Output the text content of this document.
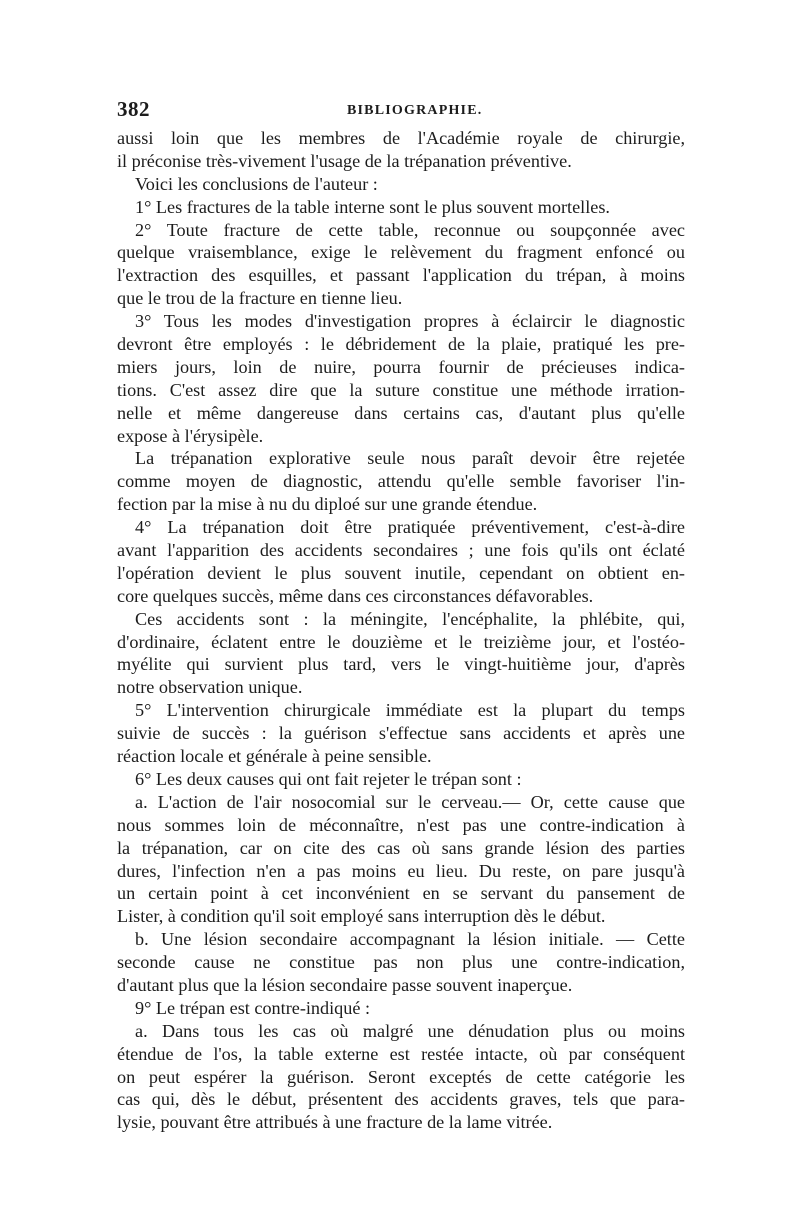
382	BIBLIOGRAPHIE.
aussi loin que les membres de l'Académie royale de chirurgie,
il préconise très-vivement l'usage de la trépanation préventive.
Voici les conclusions de l'auteur :
1° Les fractures de la table interne sont le plus souvent mortelles.
2° Toute fracture de cette table, reconnue ou soupçonnée avec
quelque vraisemblance, exige le relèvement du fragment enfoncé ou
l'extraction des esquilles, et passant l'application du trépan, à moins
que le trou de la fracture en tienne lieu.
3° Tous les modes d'investigation propres à éclaircir le diagnostic
devront être employés : le débridement de la plaie, pratiqué les pre-
miers jours, loin de nuire, pourra fournir de précieuses indica-
tions. C'est assez dire que la suture constitue une méthode irration-
nelle et même dangereuse dans certains cas, d'autant plus qu'elle
expose à l'érysipèle.
La trépanation explorative seule nous paraît devoir être rejetée
comme moyen de diagnostic, attendu qu'elle semble favoriser l'in-
fection par la mise à nu du diploé sur une grande étendue.
4° La trépanation doit être pratiquée préventivement, c'est-à-dire
avant l'apparition des accidents secondaires ; une fois qu'ils ont éclaté
l'opération devient le plus souvent inutile, cependant on obtient en-
core quelques succès, même dans ces circonstances défavorables.
Ces accidents sont : la méningite, l'encéphalite, la phlébite, qui,
d'ordinaire, éclatent entre le douzième et le treizième jour, et l'ostéo-
myélite qui survient plus tard, vers le vingt-huitième jour, d'après
notre observation unique.
5° L'intervention chirurgicale immédiate est la plupart du temps
suivie de succès : la guérison s'effectue sans accidents et après une
réaction locale et générale à peine sensible.
6° Les deux causes qui ont fait rejeter le trépan sont :
a. L'action de l'air nosocomial sur le cerveau.— Or, cette cause que
nous sommes loin de méconnaître, n'est pas une contre-indication à
la trépanation, car on cite des cas où sans grande lésion des parties
dures, l'infection n'en a pas moins eu lieu. Du reste, on pare jusqu'à
un certain point à cet inconvénient en se servant du pansement de
Lister, à condition qu'il soit employé sans interruption dès le début.
b. Une lésion secondaire accompagnant la lésion initiale. — Cette
seconde cause ne constitue pas non plus une contre-indication,
d'autant plus que la lésion secondaire passe souvent inaperçue.
9° Le trépan est contre-indiqué :
a. Dans tous les cas où malgré une dénudation plus ou moins
étendue de l'os, la table externe est restée intacte, où par conséquent
on peut espérer la guérison. Seront exceptés de cette catégorie les
cas qui, dès le début, présentent des accidents graves, tels que para-
lysie, pouvant être attribués à une fracture de la lame vitrée.
